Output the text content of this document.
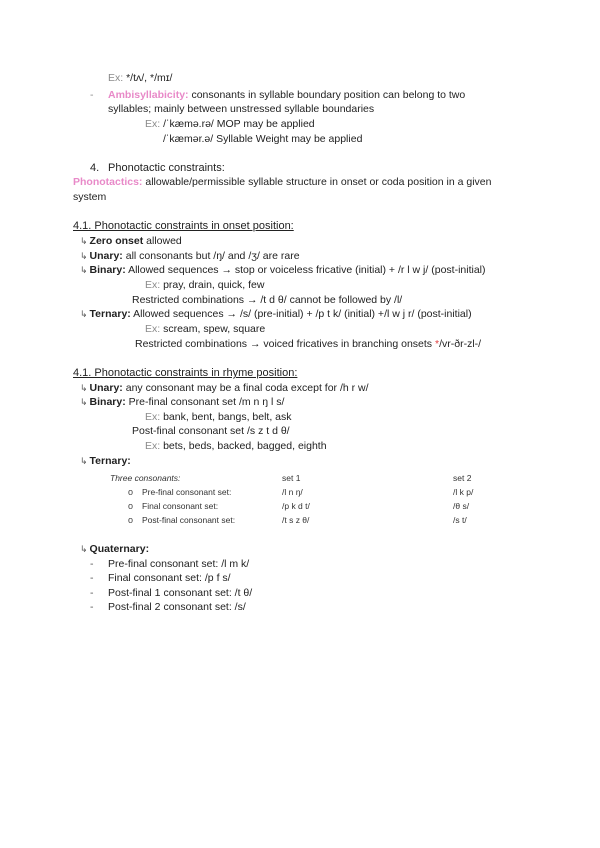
Ex: */tʌ/, */mɪ/
- Ambisyllabicity: consonants in syllable boundary position can belong to two
syllables; mainly between unstressed syllable boundaries
Ex: /ˈkæmə.rə/ MOP may be applied
/ˈkæmər.ə/ Syllable Weight may be applied
4. Phonotactic constraints:
Phonotactics: allowable/permissible syllable structure in onset or coda position in a given
system
4.1. Phonotactic constraints in onset position:
↳ Zero onset allowed
↳ Unary: all consonants but /ŋ/ and /ʒ/ are rare
↳ Binary: Allowed sequences → stop or voiceless fricative (initial) + /r l w j/ (post-initial)
Ex: pray, drain, quick, few
Restricted combinations → /t d θ/ cannot be followed by /l/
↳ Ternary: Allowed sequences → /s/ (pre-initial) + /p t k/ (initial) +/l w j r/ (post-initial)
Ex: scream, spew, square
Restricted combinations → voiced fricatives in branching onsets */vr-ðr-zl-/
4.1. Phonotactic constraints in rhyme position:
↳ Unary: any consonant may be a final coda except for /h r w/
↳ Binary: Pre-final consonant set /m n ŋ l s/
Ex: bank, bent, bangs, belt, ask
Post-final consonant set /s z t d θ/
Ex: bets, beds, backed, bagged, eighth
↳ Ternary:
Three consonants:	set 1	set 2
o Pre-final consonant set:	/l n ŋ/	/l k p/
o Final consonant set:	/p k d t/	/θ s/
o Post-final consonant set:	/t s z θ/	/s t/
↳ Quaternary:
- Pre-final consonant set: /l m k/
- Final consonant set: /p f s/
- Post-final 1 consonant set: /t θ/
- Post-final 2 consonant set: /s/
